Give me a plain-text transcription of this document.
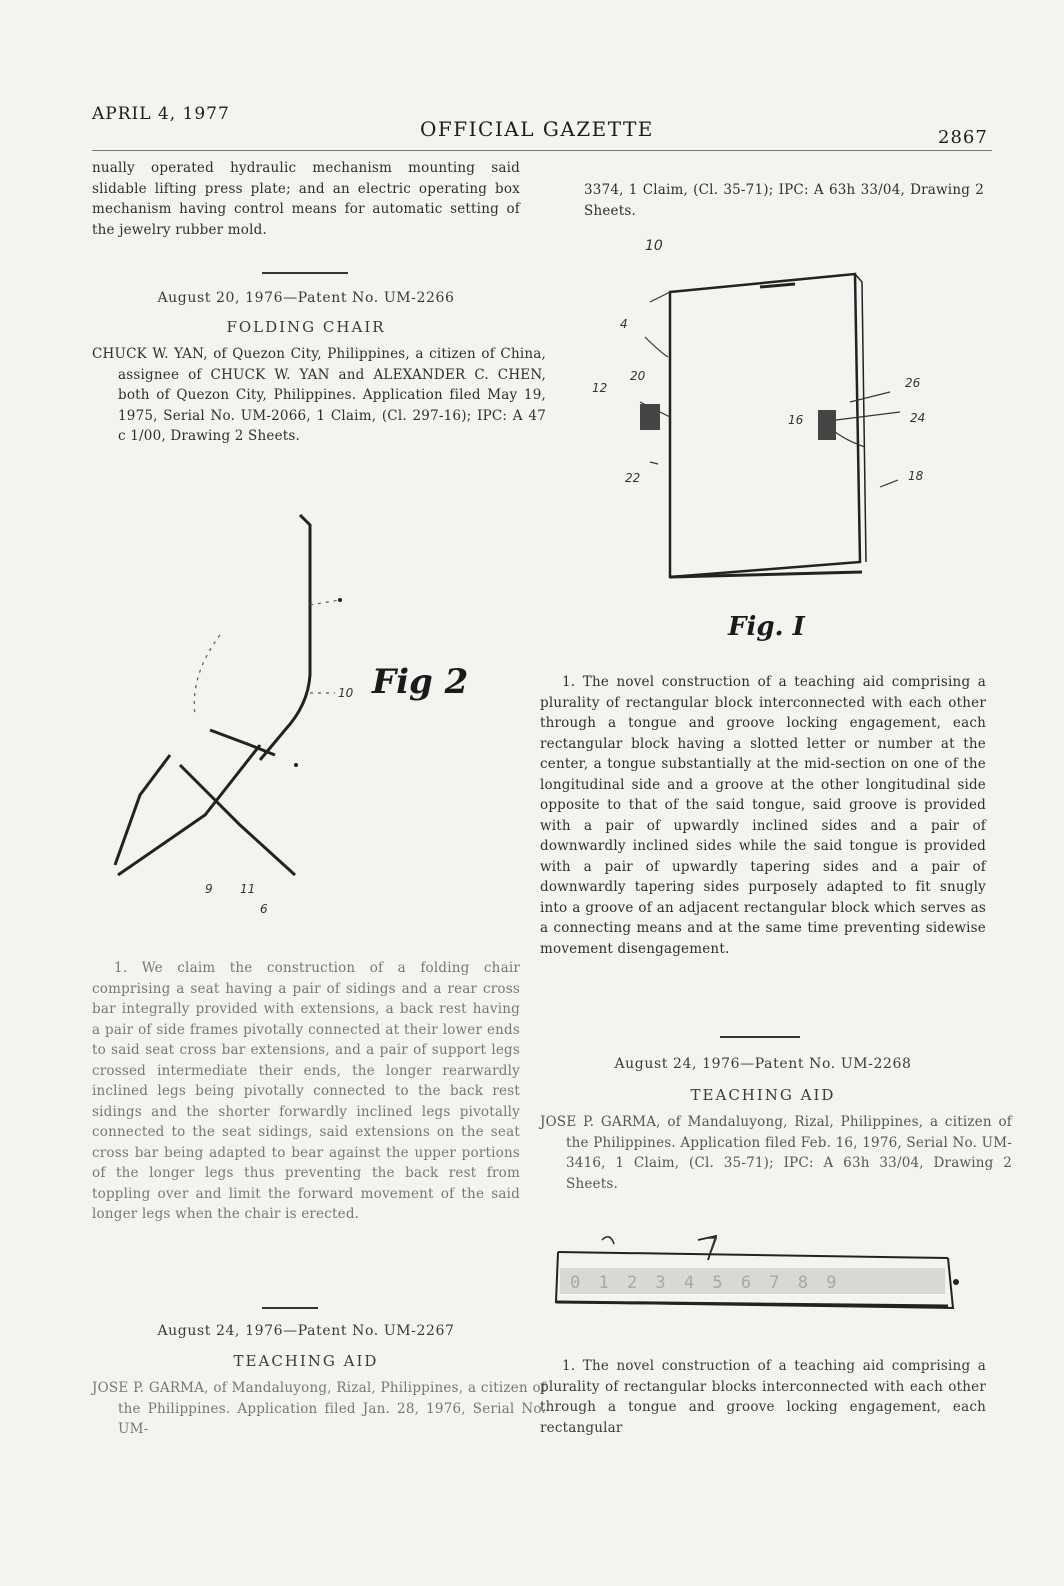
APRIL 4, 1977
OFFICIAL GAZETTE	2867
nually operated hydraulic mechanism mounting said slidable lifting press plate; and an electric operating box mechanism having control means for automatic setting of the jewelry rubber mold.
August 20, 1976—Patent No. UM-2266
FOLDING CHAIR
CHUCK W. YAN, of Quezon City, Philippines, a citizen of China, assignee of CHUCK W. YAN and ALEXANDER C. CHEN, both of Quezon City, Philippines. Application filed May 19, 1975, Serial No. UM-2066, 1 Claim, (Cl. 297-16); IPC: A 47 c 1/00, Drawing 2 Sheets.
10
9 11
6
Fig 2
1. We claim the construction of a folding chair comprising a seat having a pair of sidings and a rear cross bar integrally provided with extensions, a back rest having a pair of side frames pivotally connected at their lower ends to said seat cross bar extensions, and a pair of support legs crossed intermediate their ends, the longer rearwardly inclined legs being pivotally connected to the back rest sidings and the shorter forwardly inclined legs pivotally connected to the seat sidings, said extensions on the seat cross bar being adapted to bear against the upper portions of the longer legs thus preventing the back rest from toppling over and limit the forward movement of the said longer legs when the chair is erected.
August 24, 1976—Patent No. UM-2267
TEACHING AID
JOSE P. GARMA, of Mandaluyong, Rizal, Philippines, a citizen of the Philippines. Application filed Jan. 28, 1976, Serial No. UM-
3374, 1 Claim, (Cl. 35-71); IPC: A 63h 33/04, Drawing 2 Sheets.
10
4
12
20	26
16	24
22	18
Fig. I
1. The novel construction of a teaching aid comprising a plurality of rectangular block interconnected with each other through a tongue and groove locking engagement, each rectangular block having a slotted letter or number at the center, a tongue substantially at the mid-section on one of the longitudinal side and a groove at the other longitudinal side opposite to that of the said tongue, said groove is provided with a pair of upwardly inclined sides and a pair of downwardly inclined sides while the said tongue is provided with a pair of upwardly tapering sides and a pair of downwardly tapering sides purposely adapted to fit snugly into a groove of an adjacent rectangular block which serves as a connecting means and at the same time preventing sidewise movement disengagement.
August 24, 1976—Patent No. UM-2268
TEACHING AID
JOSE P. GARMA, of Mandaluyong, Rizal, Philippines, a citizen of the Philippines. Application filed Feb. 16, 1976, Serial No. UM-3416, 1 Claim, (Cl. 35-71); IPC: A 63h 33/04, Drawing 2 Sheets.
0 1 2 3 4 5 6 7 8 9
7
1. The novel construction of a teaching aid comprising a plurality of rectangular blocks interconnected with each other through a tongue and groove locking engagement, each rectangular
